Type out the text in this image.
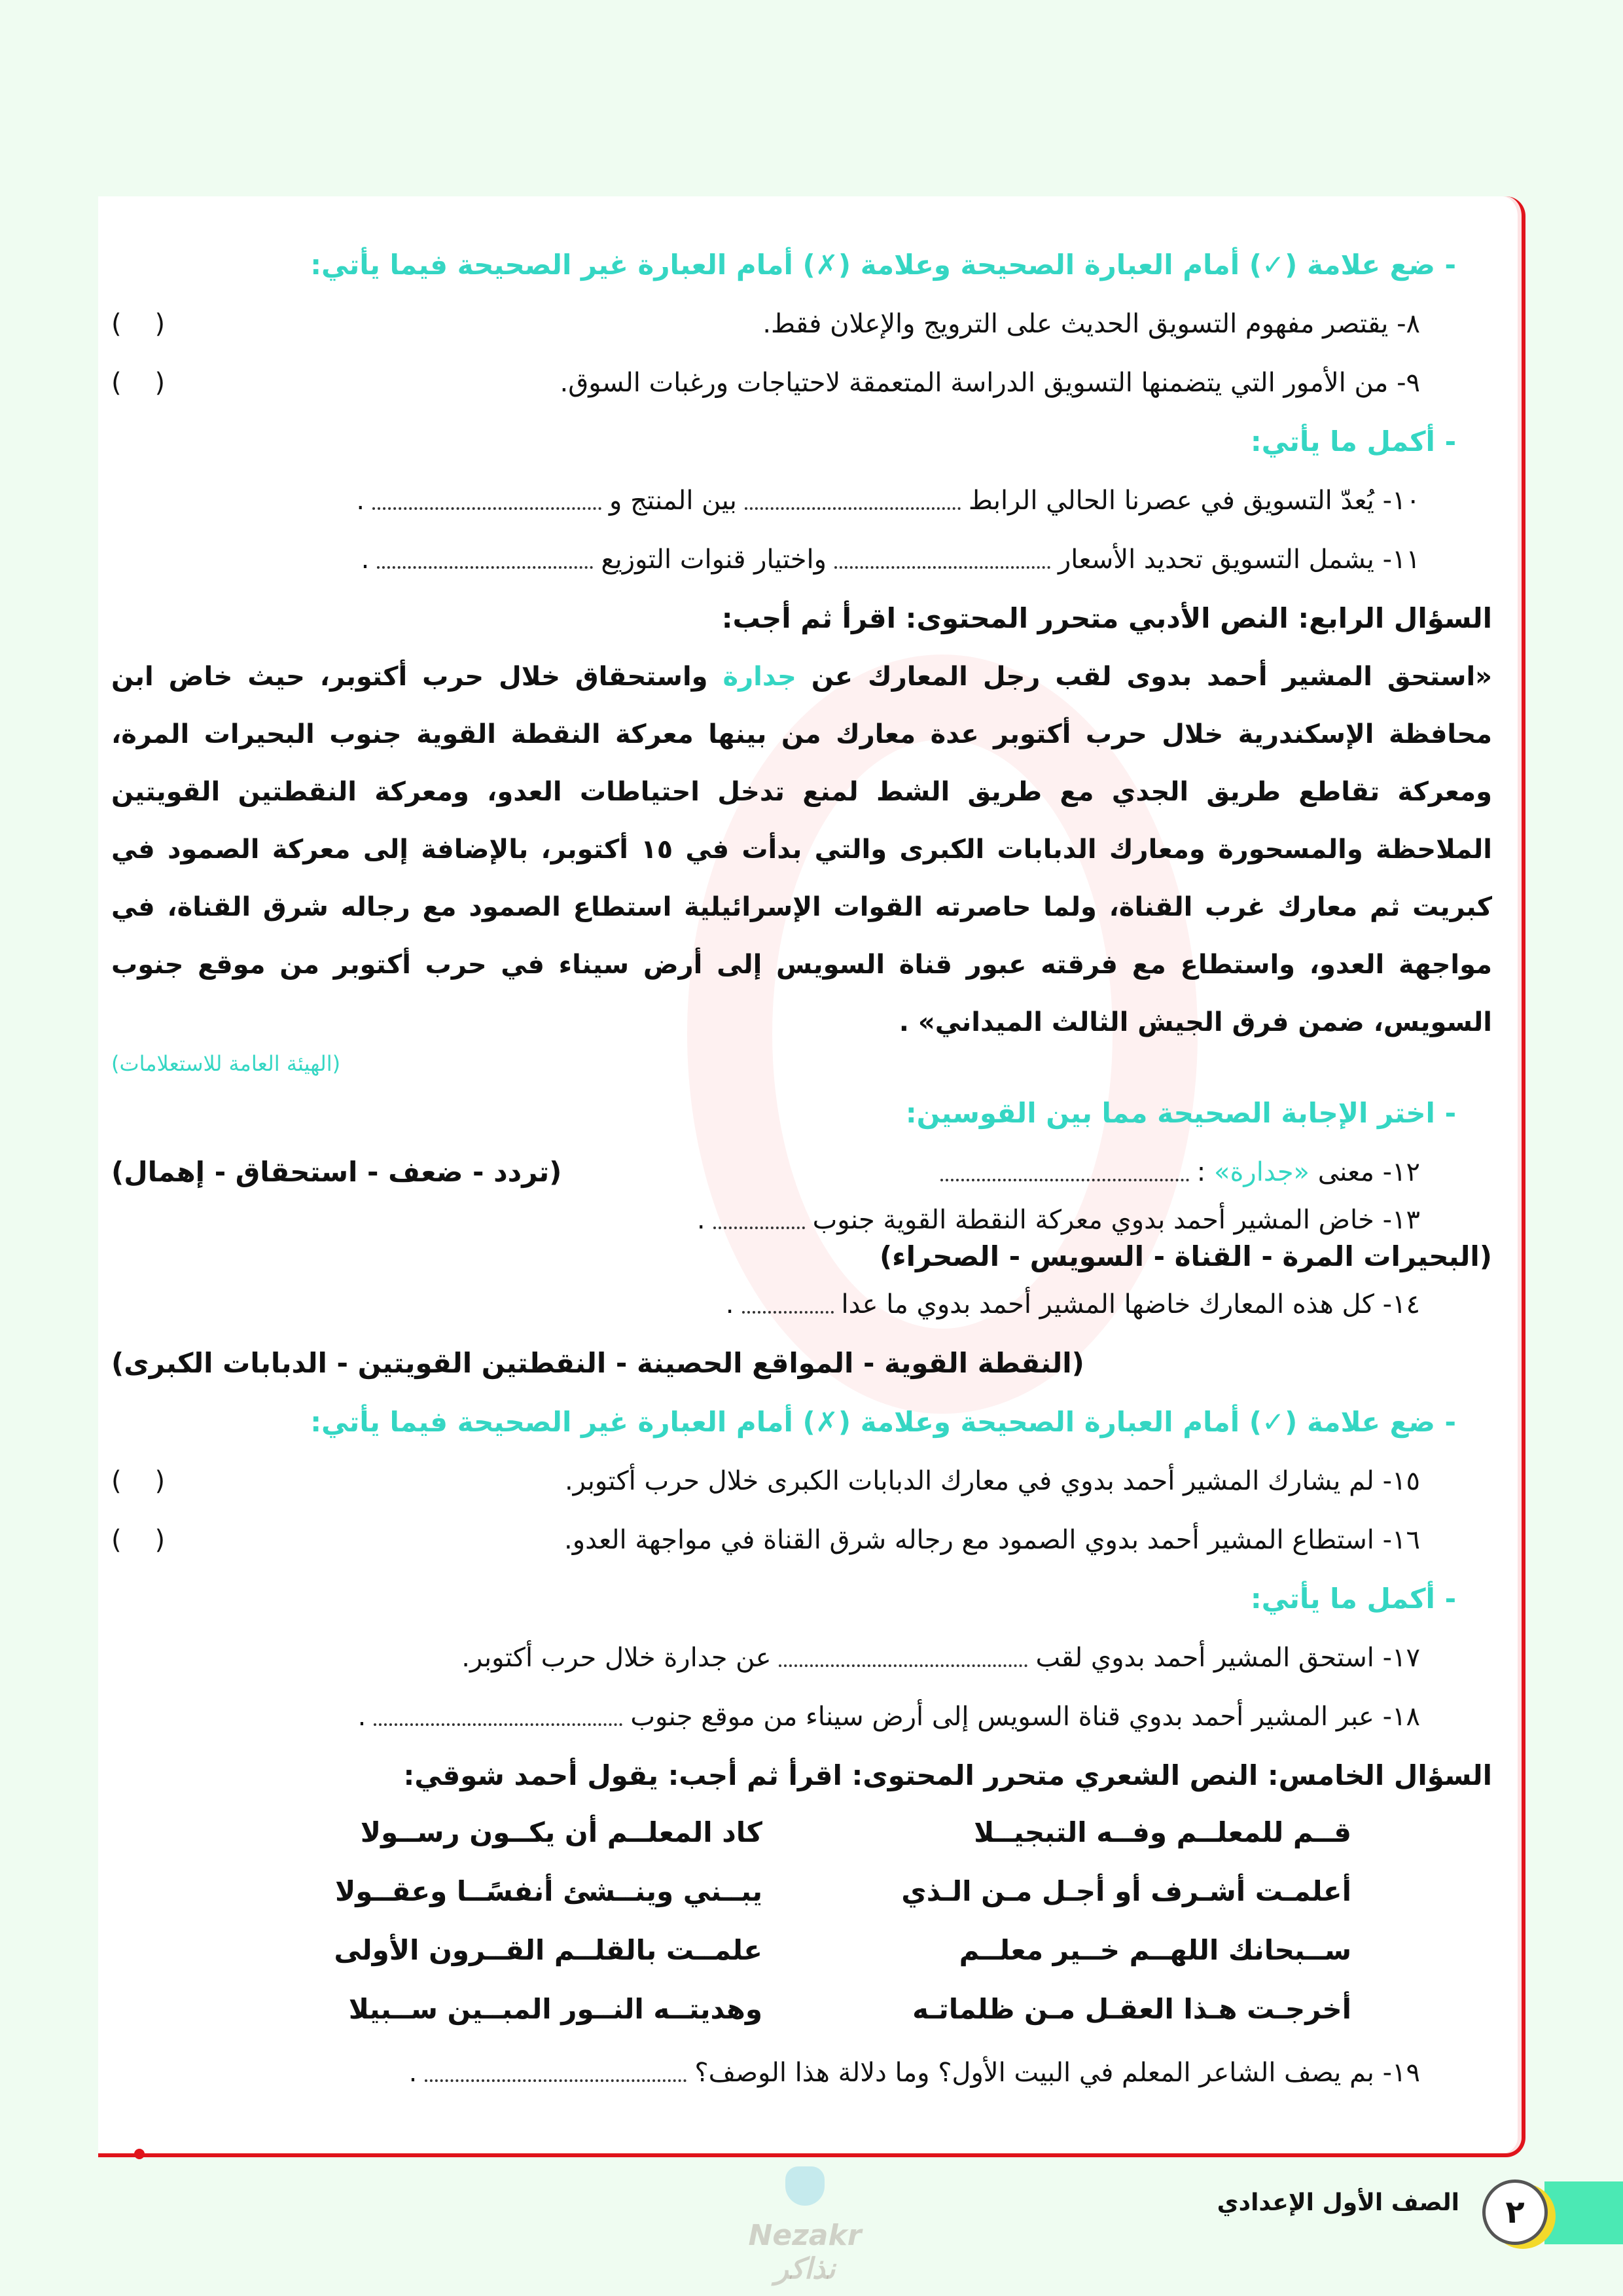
- ضع علامة (✓) أمام العبارة الصحيحة وعلامة (✗) أمام العبارة غير الصحيحة فيما يأتي:
٨- يقتصر مفهوم التسويق الحديث على الترويج والإعلان فقط.
(    )
٩- من الأمور التي يتضمنها التسويق الدراسة المتعمقة لاحتياجات ورغبات السوق.
(    )
- أكمل ما يأتي:
١٠- يُعدّ التسويق في عصرنا الحالي الرابطبين المنتج و.
١١- يشمل التسويق تحديد الأسعارواختيار قنوات التوزيع.
السؤال الرابع: النص الأدبي متحرر المحتوى: اقرأ ثم أجب:
«استحق المشير أحمد بدوى لقب رجل المعارك عن جدارة واستحقاق خلال حرب أكتوبر، حيث خاض ابن محافظة الإسكندرية خلال حرب أكتوبر عدة معارك من بينها معركة النقطة القوية جنوب البحيرات المرة، ومعركة تقاطع طريق الجدي مع طريق الشط لمنع تدخل احتياطات العدو، ومعركة النقطتين القويتين الملاحظة والمسحورة ومعارك الدبابات الكبرى والتي بدأت في ١٥ أكتوبر، بالإضافة إلى معركة الصمود في كبريت ثم معارك غرب القناة، ولما حاصرته القوات الإسرائيلية استطاع الصمود مع رجاله شرق القناة، في مواجهة العدو، واستطاع مع فرقته عبور قناة السويس إلى أرض سيناء في حرب أكتوبر من موقع جنوب السويس، ضمن فرق الجيش الثالث الميداني» .
(الهيئة العامة للاستعلامات)
- اختر الإجابة الصحيحة مما بين القوسين:
١٢- معنى «جدارة» :
(تردد - ضعف - استحقاق - إهمال)
١٣- خاض المشير أحمد بدوي معركة النقطة القوية جنوب.
(البحيرات المرة - القناة - السويس - الصحراء)
١٤- كل هذه المعارك خاضها المشير أحمد بدوي ما عدا.
(النقطة القوية - المواقع الحصينة - النقطتين القويتين - الدبابات الكبرى)
- ضع علامة (✓) أمام العبارة الصحيحة وعلامة (✗) أمام العبارة غير الصحيحة فيما يأتي:
١٥- لم يشارك المشير أحمد بدوي في معارك الدبابات الكبرى خلال حرب أكتوبر.
(    )
١٦- استطاع المشير أحمد بدوي الصمود مع رجاله شرق القناة في مواجهة العدو.
(    )
- أكمل ما يأتي:
١٧- استحق المشير أحمد بدوي لقبعن جدارة خلال حرب أكتوبر.
١٨- عبر المشير أحمد بدوي قناة السويس إلى أرض سيناء من موقع جنوب.
السؤال الخامس: النص الشعري متحرر المحتوى: اقرأ ثم أجب: يقول أحمد شوقي:
قــم للمعلــم وفــه التبجيــلا
كاد المعلــم أن يكــون رســولا
أعلمـت أشـرف أو أجـل مـن الـذي
يبــني وينــشئ أنفسًــا وعقــولا
ســبحانك اللهــم خــير معلــم
علمــت بالقلــم القــرون الأولى
أخرجـت هـذا العقـل مـن ظلماتـه
وهديتــه النــور المبــين ســبيلا
١٩- بم يصف الشاعر المعلم في البيت الأول؟ وما دلالة هذا الوصف؟.
Nezakr نذاكر
٢
الصف الأول الإعدادي
